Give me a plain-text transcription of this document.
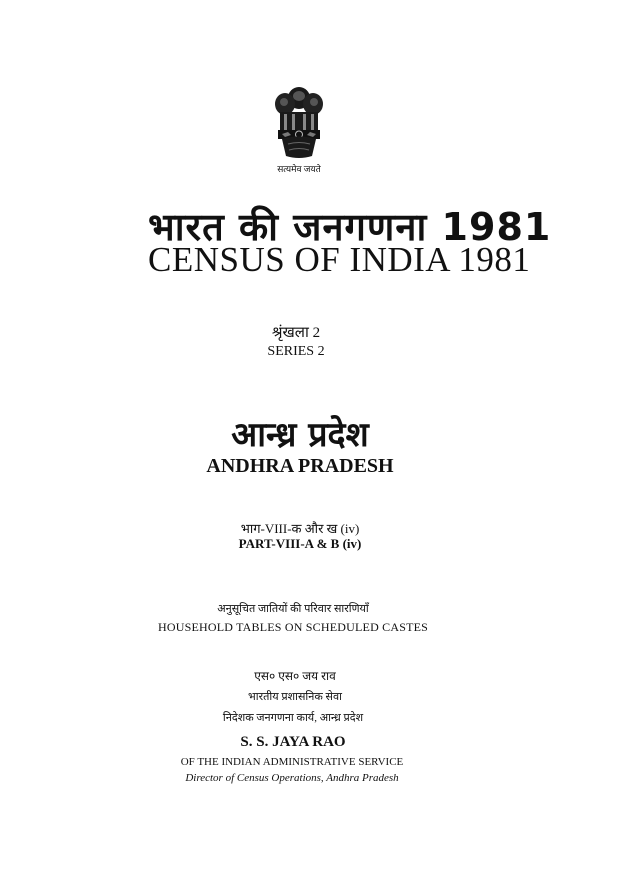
सत्यमेव जयते
भारत की जनगणना 1981
CENSUS OF INDIA 1981
श्रृंखला 2
SERIES 2
आन्ध्र प्रदेश
ANDHRA PRADESH
भाग-VIII-क और ख (iv)
PART-VIII-A & B (iv)
अनुसूचित जातियों की परिवार सारणियाँ
HOUSEHOLD TABLES ON SCHEDULED CASTES
एस० एस० जय राव
भारतीय प्रशासनिक सेवा
निदेशक जनगणना कार्य, आन्ध्र प्रदेश
S. S. JAYA RAO
OF THE INDIAN ADMINISTRATIVE SERVICE
Director of Census Operations, Andhra Pradesh
